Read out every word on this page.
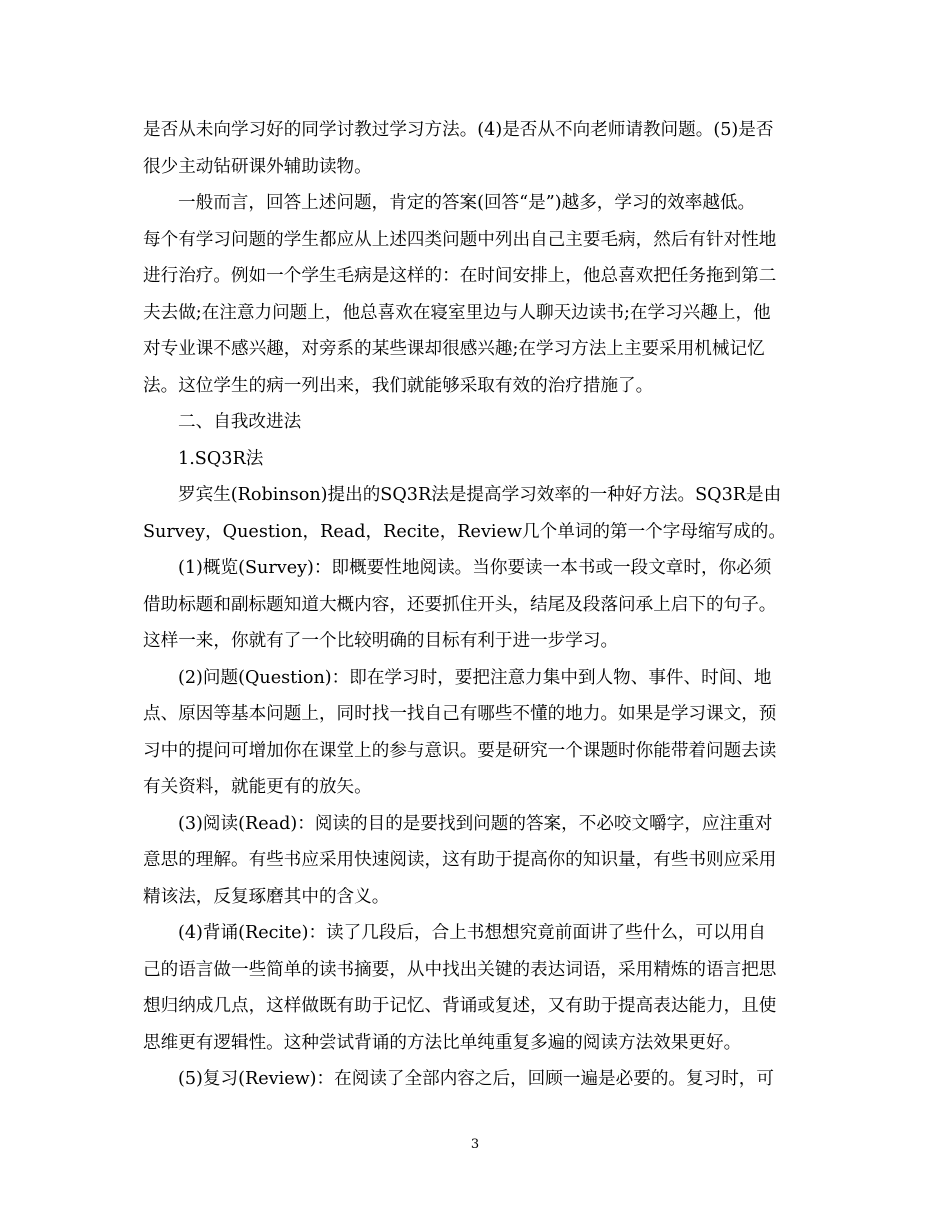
是否从未向学习好的同学讨教过学习方法。(4)是否从不向老师请教问题。(5)是否
很少主动钻研课外辅助读物。
一般而言，回答上述问题，肯定的答案(回答“是”)越多，学习的效率越低。
每个有学习问题的学生都应从上述四类问题中列出自己主要毛病，然后有针对性地
进行治疗。例如一个学生毛病是这样的：在时间安排上，他总喜欢把任务拖到第二
夫去做;在注意力问题上，他总喜欢在寝室里边与人聊天边读书;在学习兴趣上，他
对专业课不感兴趣，对旁系的某些课却很感兴趣;在学习方法上主要采用机械记忆
法。这位学生的病一列出来，我们就能够采取有效的治疗措施了。
二、自我改进法
1.SQ3R法
罗宾生(Robinson)提出的SQ3R法是提高学习效率的一种好方法。SQ3R是由
Survey，Question，Read，Recite，Review几个单词的第一个字母缩写成的。
(1)概览(Survey)：即概要性地阅读。当你要读一本书或一段文章时，你必须
借助标题和副标题知道大概内容，还要抓住开头，结尾及段落问承上启下的句子。
这样一来，你就有了一个比较明确的目标有利于进一步学习。
(2)问题(Question)：即在学习时，要把注意力集中到人物、事件、时间、地
点、原因等基本问题上，同时找一找自己有哪些不懂的地力。如果是学习课文，预
习中的提问可增加你在课堂上的参与意识。要是研究一个课题时你能带着问题去读
有关资料，就能更有的放矢。
(3)阅读(Read)：阅读的目的是要找到问题的答案，不必咬文嚼字，应注重对
意思的理解。有些书应采用快速阅读，这有助于提高你的知识量，有些书则应采用
精该法，反复琢磨其中的含义。
(4)背诵(Recite)：读了几段后，合上书想想究竟前面讲了些什么，可以用自
己的语言做一些简单的读书摘要，从中找出关键的表达词语，采用精炼的语言把思
想归纳成几点，这样做既有助于记忆、背诵或复述，又有助于提高表达能力，且使
思维更有逻辑性。这种尝试背诵的方法比单纯重复多遍的阅读方法效果更好。
(5)复习(Review)：在阅读了全部内容之后，回顾一遍是必要的。复习时，可
3
